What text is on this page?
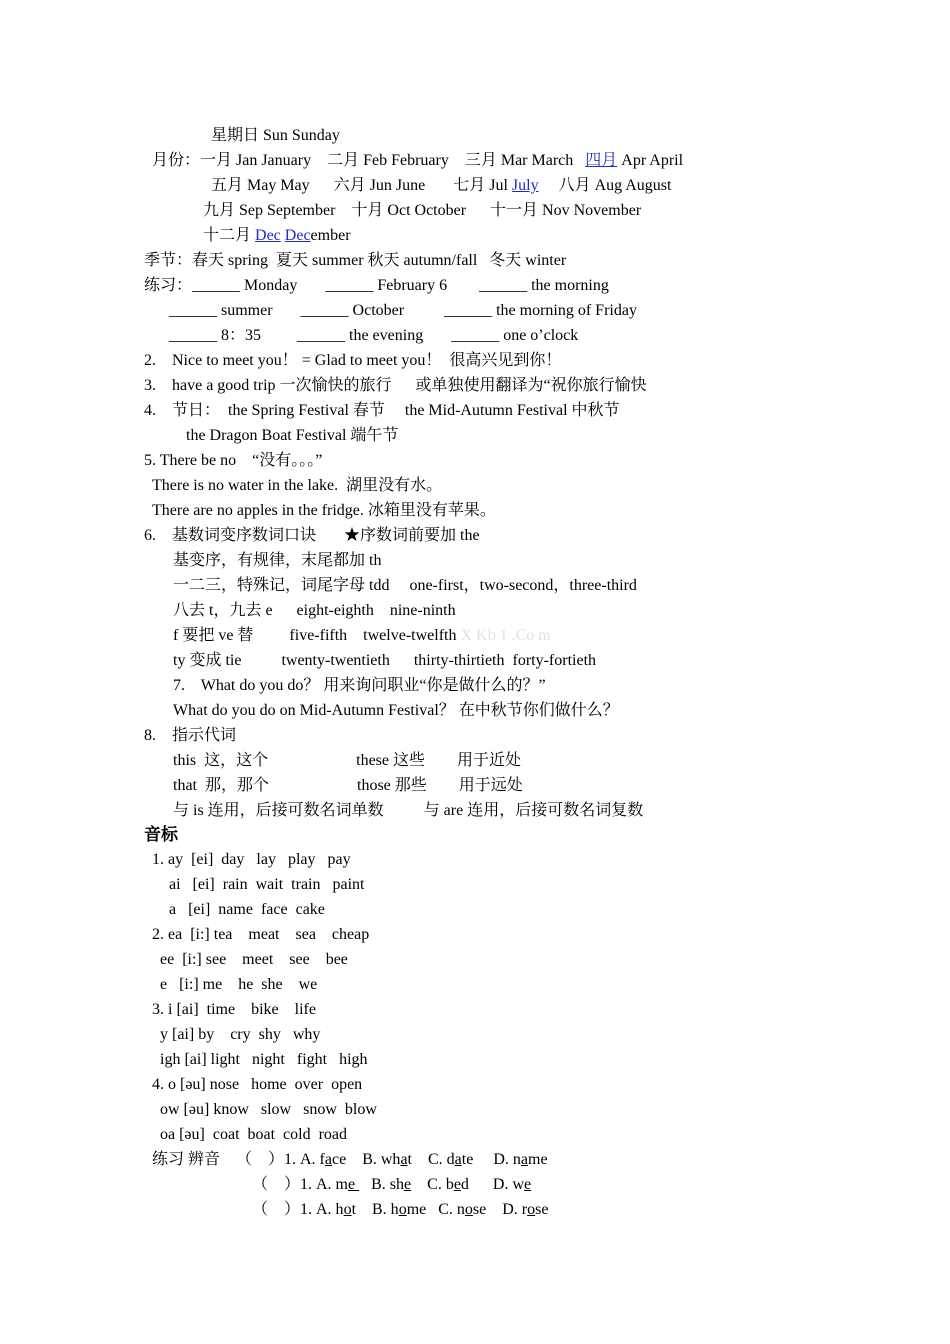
星期日 Sun Sunday
月份：一月 Jan January    二月 Feb February    三月 Mar March   四月 Apr April
五月 May May      六月 Jun June       七月 Jul July     八月 Aug August
九月 Sep September    十月 Oct October      十一月 Nov November
十二月 Dec December
季节：春天 spring  夏天 summer 秋天 autumn/fall   冬天 winter
练习：______ Monday       ______ February 6        ______ the morning
______ summer       ______ October          ______ the morning of Friday
______ 8：35         ______ the evening       ______ one o’clock
2.    Nice to meet you！ = Glad to meet you！  很高兴见到你！
3.    have a good trip 一次愉快的旅行      或单独使用翻译为“祝你旅行愉快
4.    节日：  the Spring Festival 春节     the Mid-Autumn Festival 中秋节
the Dragon Boat Festival 端午节
5. There be no    “没有。。。”
There is no water in the lake.  湖里没有水。
There are no apples in the fridge. 冰箱里没有苹果。
6.    基数词变序数词口诀       ★序数词前要加 the
基变序，有规律，末尾都加 th
一二三，特殊记，词尾字母 tdd     one-first，two-second，three-third
八去 t，九去 e      eight-eighth    nine-ninth
f 要把 ve 替         five-fifth    twelve-twelfth X Kb 1 .Co m
ty 变成 tie          twenty-twentieth      thirty-thirtieth  forty-fortieth
7.    What do you do？ 用来询问职业“你是做什么的？”
What do you do on Mid-Autumn Festival？ 在中秋节你们做什么？
8.    指示代词
this  这，这个                      these 这些        用于近处
that  那，那个                      those 那些        用于远处
与 is 连用，后接可数名词单数          与 are 连用，后接可数名词复数
音标
1. ay  [ei]  day   lay   play   pay
ai   [ei]  rain  wait  train   paint
a   [ei]  name  face  cake
2. ea  [i:] tea    meat    sea    cheap
ee  [i:] see    meet    see    bee
e   [i:] me    he  she    we
3. i [ai]  time    bike    life
y [ai] by    cry  shy   why
igh [ai] light   night   fight   high
4. o [əu] nose   home  over  open
ow [əu] know   slow   snow  blow
oa [əu]  coat  boat  cold  road
练习 辨音    （    ）1. A. face    B. what    C. date     D. name
（    ）1. A. me    B. she    C. bed      D. we
（    ）1. A. hot    B. home   C. nose    D. rose
